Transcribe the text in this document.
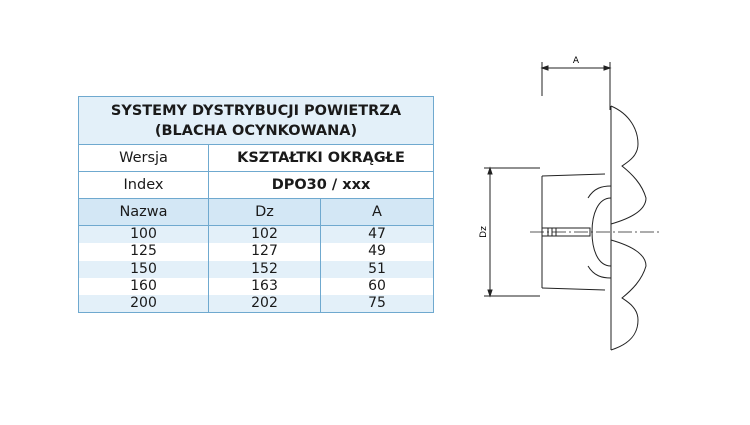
SYSTEMY DYSTRYBUCJI POWIETRZA
(BLACHA OCYNKOWANA)
Wersja	KSZTAŁTKI OKRĄGŁE
Index	DPO30 / xxx
Nazwa	Dz	A
100	102	47
125	127	49
150	152	51
160	163	60
200	202	75
A
Dz
